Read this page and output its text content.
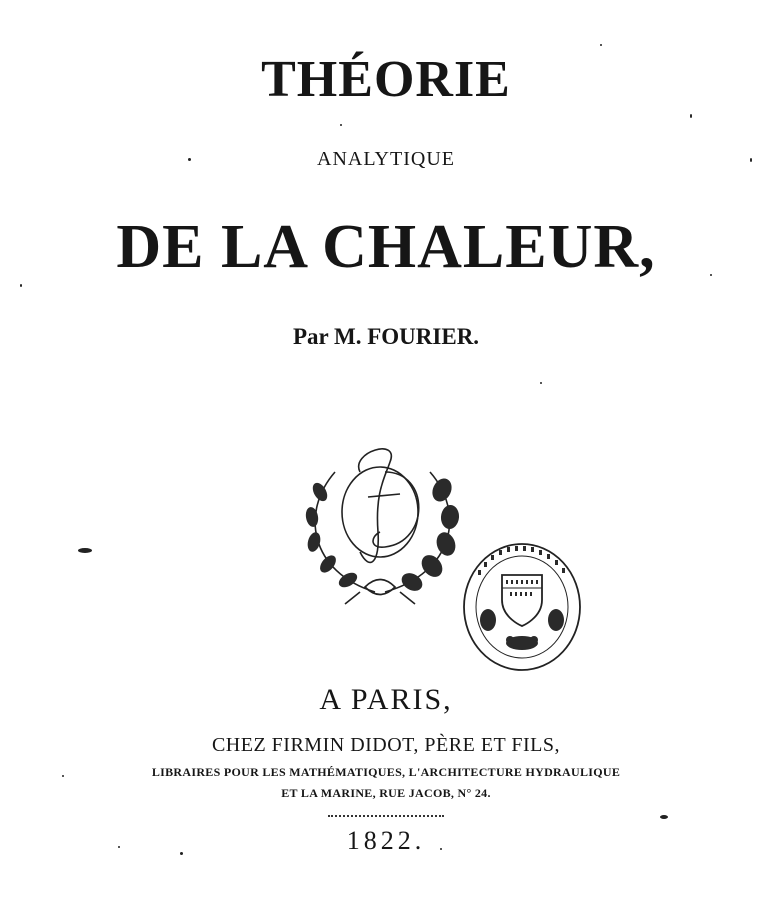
THÉORIE
ANALYTIQUE
DE LA CHALEUR,
Par M. FOURIER.
A PARIS,
CHEZ FIRMIN DIDOT, PÈRE ET FILS,
LIBRAIRES POUR LES MATHÉMATIQUES, L'ARCHITECTURE HYDRAULIQUE
ET LA MARINE, RUE JACOB, N° 24.
1822.
